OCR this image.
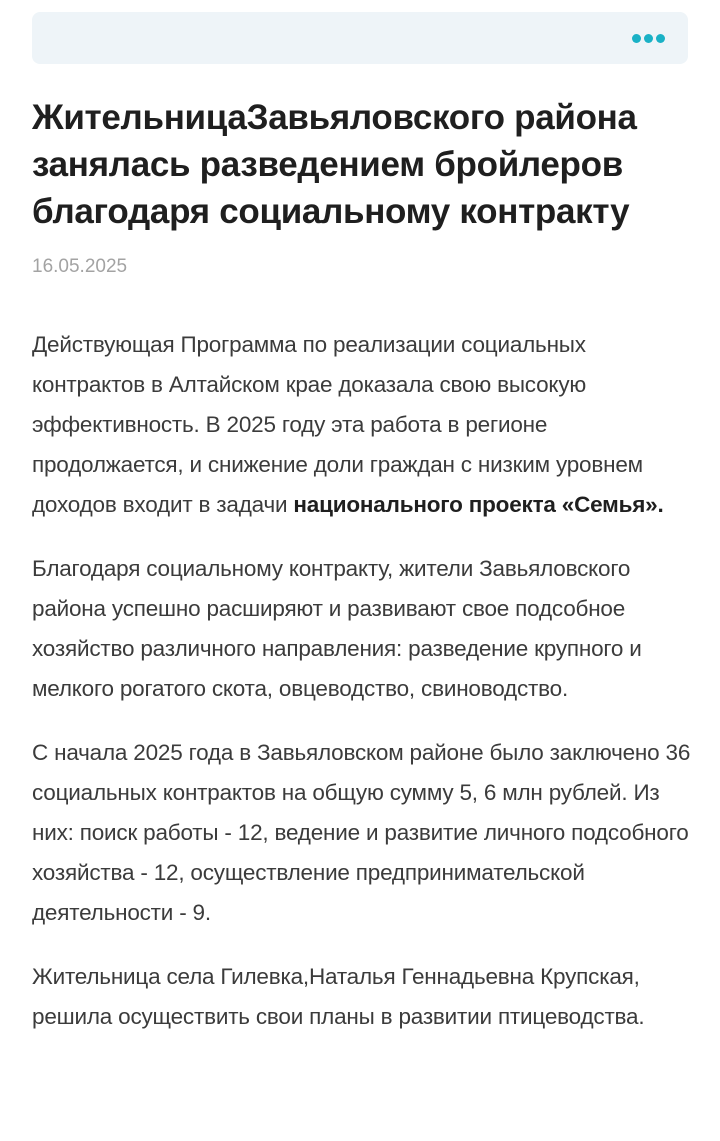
ЖительницаЗавьяловского района занялась разведением бройлеров благодаря социальному контракту
16.05.2025

Действующая Программа по реализации социальных контрактов в Алтайском крае доказала свою высокую эффективность. В 2025 году эта работа в регионе продолжается, и снижение доли граждан с низким уровнем доходов входит в задачи национального проекта «Семья».

Благодаря социальному контракту, жители Завьяловского района успешно расширяют и развивают свое подсобное хозяйство различного направления: разведение крупного и мелкого рогатого скота, овцеводство, свиноводство.

С начала 2025 года в Завьяловском районе было заключено 36 социальных контрактов на общую сумму 5, 6 млн рублей. Из них: поиск работы - 12, ведение и развитие личного подсобного хозяйства - 12, осуществление предпринимательской деятельности - 9.

Жительница села Гилевка,Наталья Геннадьевна Крупская, решила осуществить свои планы в развитии птицеводства.
